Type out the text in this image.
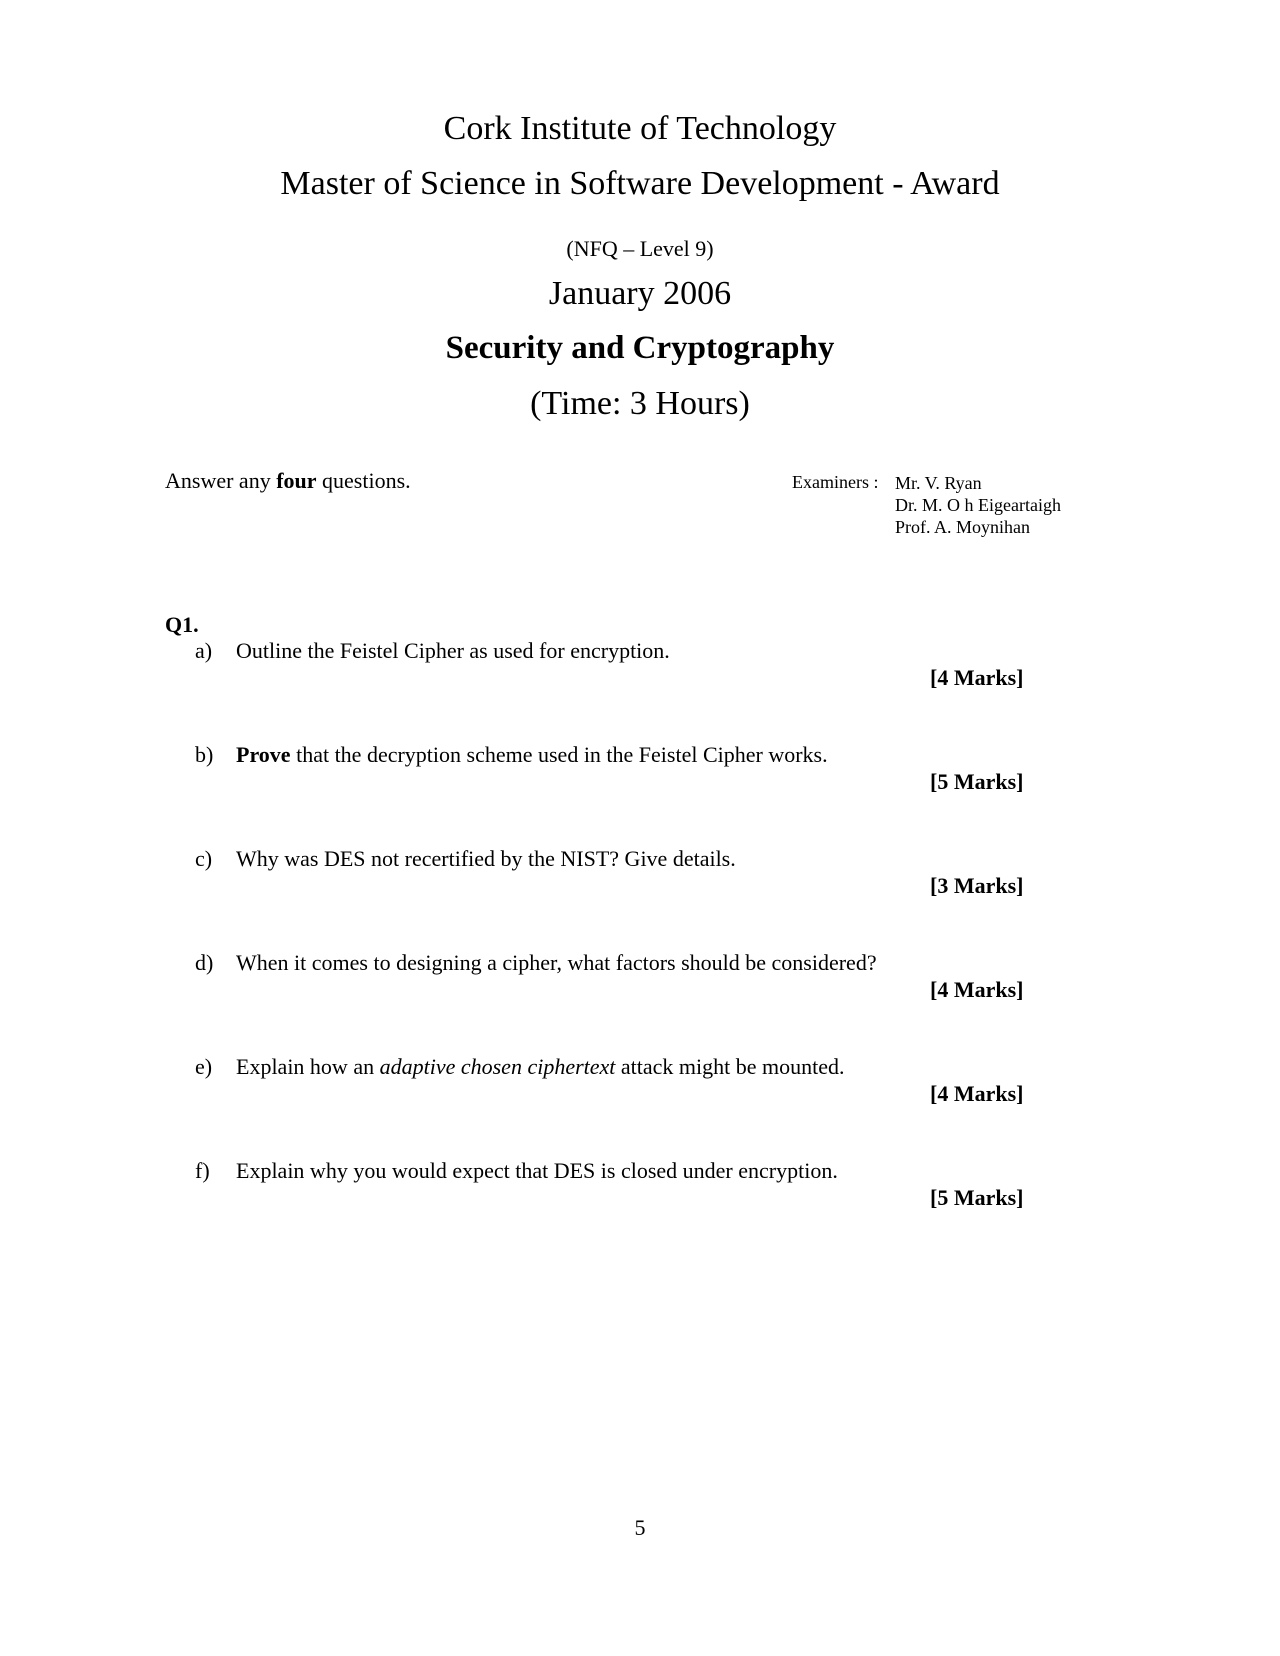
Cork Institute of Technology
Master of Science in Software Development - Award
(NFQ – Level 9)
January 2006
Security and Cryptography
(Time: 3 Hours)
Answer any four questions.	Examiners : Mr. V. Ryan
Dr. M. O h Eigeartaigh
Prof. A. Moynihan
Q1.
a) Outline the Feistel Cipher as used for encryption.
[4 Marks]
b) Prove that the decryption scheme used in the Feistel Cipher works.
[5 Marks]
c) Why was DES not recertified by the NIST? Give details.
[3 Marks]
d) When it comes to designing a cipher, what factors should be considered?
[4 Marks]
e) Explain how an adaptive chosen ciphertext attack might be mounted.
[4 Marks]
f) Explain why you would expect that DES is closed under encryption.
[5 Marks]
5
